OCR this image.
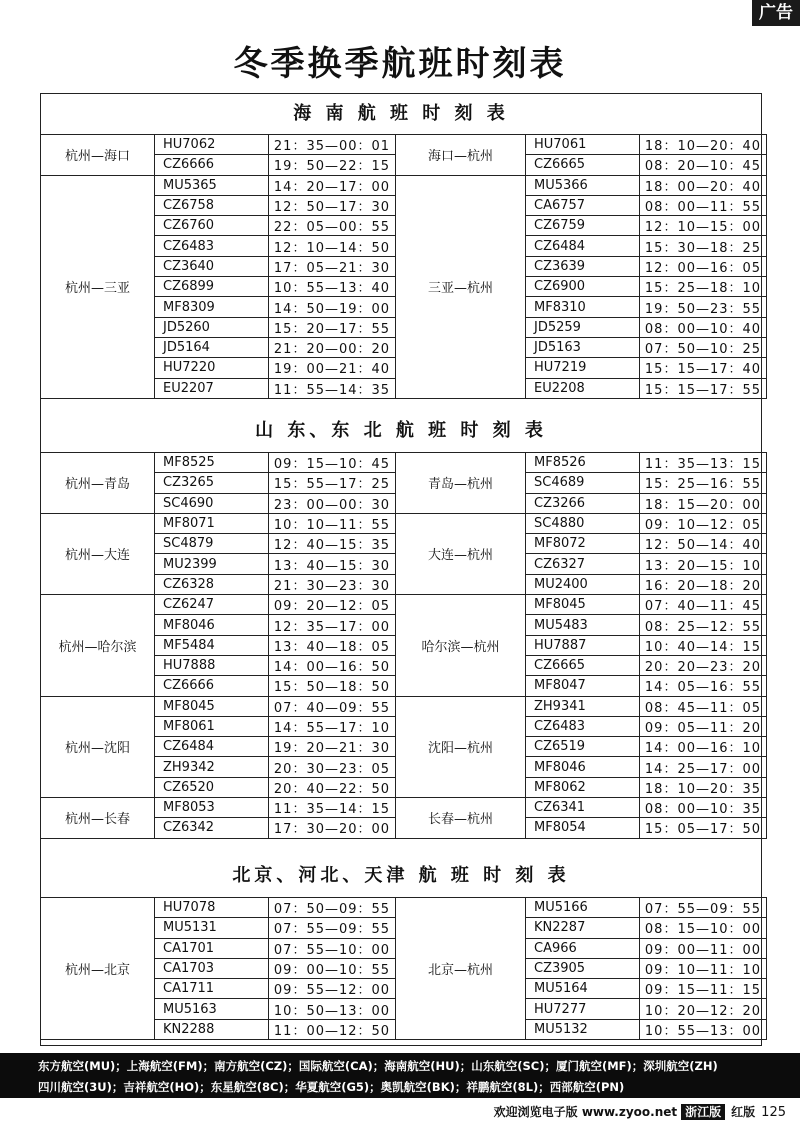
广告
冬季换季航班时刻表
海 南 航 班 时 刻 表
杭州—海口	HU7062	21：35—00：01	海口—杭州	HU7061	18：10—20：40
	CZ6666	19：50—22：15		CZ6665	08：20—10：45
杭州—三亚	MU5365	14：20—17：00	三亚—杭州	MU5366	18：00—20：40
	CZ6758	12：50—17：30		CA6757	08：00—11：55
	CZ6760	22：05—00：55		CZ6759	12：10—15：00
	CZ6483	12：10—14：50		CZ6484	15：30—18：25
	CZ3640	17：05—21：30		CZ3639	12：00—16：05
	CZ6899	10：55—13：40		CZ6900	15：25—18：10
	MF8309	14：50—19：00		MF8310	19：50—23：55
	JD5260	15：20—17：55		JD5259	08：00—10：40
	JD5164	21：20—00：20		JD5163	07：50—10：25
	HU7220	19：00—21：40		HU7219	15：15—17：40
	EU2207	11：55—14：35		EU2208	15：15—17：55
山 东、东 北 航 班 时 刻 表
杭州—青岛	MF8525	09：15—10：45	青岛—杭州	MF8526	11：35—13：15
	CZ3265	15：55—17：25		SC4689	15：25—16：55
	SC4690	23：00—00：30		CZ3266	18：15—20：00
杭州—大连	MF8071	10：10—11：55	大连—杭州	SC4880	09：10—12：05
	SC4879	12：40—15：35		MF8072	12：50—14：40
	MU2399	13：40—15：30		CZ6327	13：20—15：10
	CZ6328	21：30—23：30		MU2400	16：20—18：20
杭州—哈尔滨	CZ6247	09：20—12：05	哈尔滨—杭州	MF8045	07：40—11：45
	MF8046	12：35—17：00		MU5483	08：25—12：55
	MF5484	13：40—18：05		HU7887	10：40—14：15
	HU7888	14：00—16：50		CZ6665	20：20—23：20
	CZ6666	15：50—18：50		MF8047	14：05—16：55
杭州—沈阳	MF8045	07：40—09：55	沈阳—杭州	ZH9341	08：45—11：05
	MF8061	14：55—17：10		CZ6483	09：05—11：20
	CZ6484	19：20—21：30		CZ6519	14：00—16：10
	ZH9342	20：30—23：05		MF8046	14：25—17：00
	CZ6520	20：40—22：50		MF8062	18：10—20：35
杭州—长春	MF8053	11：35—14：15	长春—杭州	CZ6341	08：00—10：35
	CZ6342	17：30—20：00		MF8054	15：05—17：50
北京、河北、天津 航 班 时 刻 表
杭州—北京	HU7078	07：50—09：55	北京—杭州	MU5166	07：55—09：55
	MU5131	07：55—09：55		KN2287	08：15—10：00
	CA1701	07：55—10：00		CA966	09：00—11：00
	CA1703	09：00—10：55		CZ3905	09：10—11：10
	CA1711	09：55—12：00		MU5164	09：15—11：15
	MU5163	10：50—13：00		HU7277	10：20—12：20
	KN2288	11：00—12：50		MU5132	10：55—13：00
东方航空(MU)；上海航空(FM)；南方航空(CZ)；国际航空(CA)；海南航空(HU)；山东航空(SC)；厦门航空(MF)；深圳航空(ZH)
四川航空(3U)；吉祥航空(HO)；东星航空(8C)；华夏航空(G5)；奥凯航空(BK)；祥鹏航空(8L)；西部航空(PN)
欢迎浏览电子版 www.zyoo.net 浙江版 红版 125
